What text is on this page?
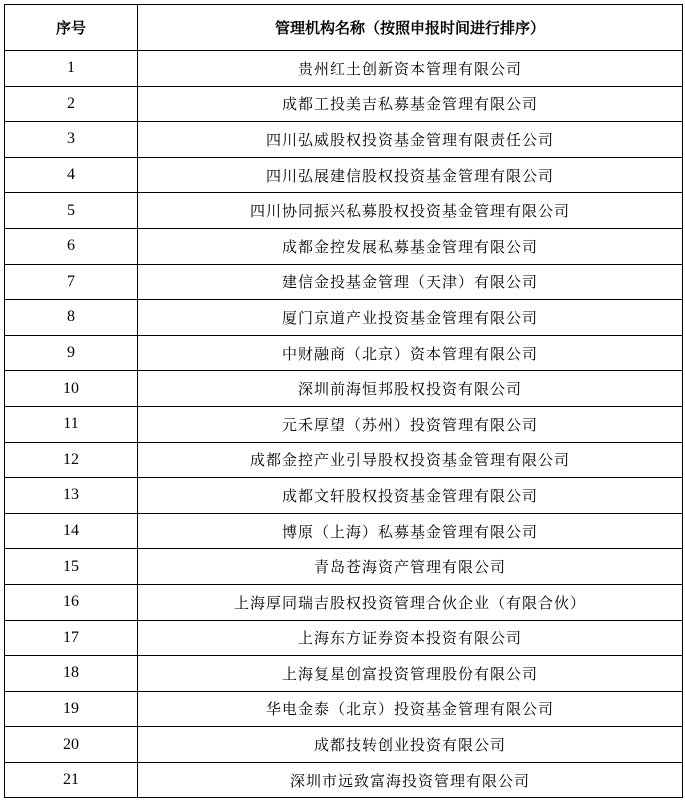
序号	管理机构名称（按照申报时间进行排序）
1	贵州红土创新资本管理有限公司
2	成都工投美吉私募基金管理有限公司
3	四川弘威股权投资基金管理有限责任公司
4	四川弘展建信股权投资基金管理有限公司
5	四川协同振兴私募股权投资基金管理有限公司
6	成都金控发展私募基金管理有限公司
7	建信金投基金管理（天津）有限公司
8	厦门京道产业投资基金管理有限公司
9	中财融商（北京）资本管理有限公司
10	深圳前海恒邦股权投资有限公司
11	元禾厚望（苏州）投资管理有限公司
12	成都金控产业引导股权投资基金管理有限公司
13	成都文轩股权投资基金管理有限公司
14	博原（上海）私募基金管理有限公司
15	青岛苍海资产管理有限公司
16	上海厚同瑞吉股权投资管理合伙企业（有限合伙）
17	上海东方证券资本投资有限公司
18	上海复星创富投资管理股份有限公司
19	华电金泰（北京）投资基金管理有限公司
20	成都技转创业投资有限公司
21	深圳市远致富海投资管理有限公司
